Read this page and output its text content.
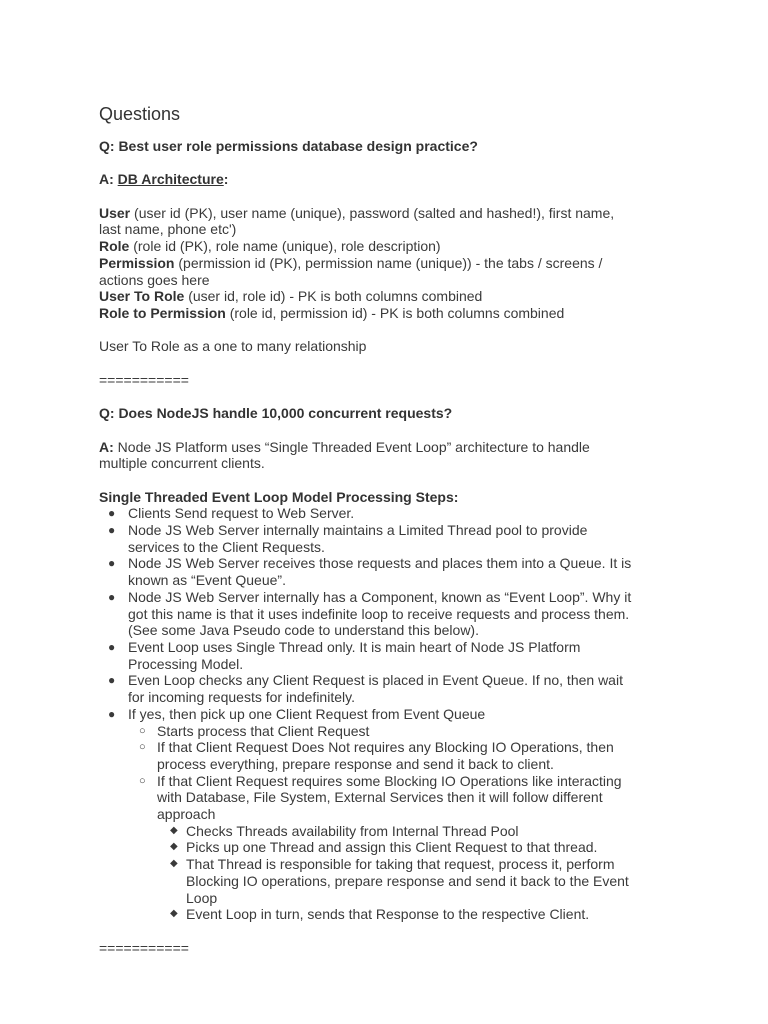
Questions
Q: Best user role permissions database design practice?
A: DB Architecture:
User (user id (PK), user name (unique), password (salted and hashed!), first name,
last name, phone etc')
Role (role id (PK), role name (unique), role description)
Permission (permission id (PK), permission name (unique)) - the tabs / screens /
actions goes here
User To Role (user id, role id) - PK is both columns combined
Role to Permission (role id, permission id) - PK is both columns combined
User To Role as a one to many relationship
===========
Q: Does NodeJS handle 10,000 concurrent requests?
A: Node JS Platform uses “Single Threaded Event Loop” architecture to handle
multiple concurrent clients.
Single Threaded Event Loop Model Processing Steps:
● Clients Send request to Web Server.
● Node JS Web Server internally maintains a Limited Thread pool to provide
services to the Client Requests.
● Node JS Web Server receives those requests and places them into a Queue. It is
known as “Event Queue”.
● Node JS Web Server internally has a Component, known as “Event Loop”. Why it
got this name is that it uses indefinite loop to receive requests and process them.
(See some Java Pseudo code to understand this below).
● Event Loop uses Single Thread only. It is main heart of Node JS Platform
Processing Model.
● Even Loop checks any Client Request is placed in Event Queue. If no, then wait
for incoming requests for indefinitely.
● If yes, then pick up one Client Request from Event Queue
○ Starts process that Client Request
○ If that Client Request Does Not requires any Blocking IO Operations, then
process everything, prepare response and send it back to client.
○ If that Client Request requires some Blocking IO Operations like interacting
with Database, File System, External Services then it will follow different
approach
◆ Checks Threads availability from Internal Thread Pool
◆ Picks up one Thread and assign this Client Request to that thread.
◆ That Thread is responsible for taking that request, process it, perform
Blocking IO operations, prepare response and send it back to the Event
Loop
◆ Event Loop in turn, sends that Response to the respective Client.
===========
